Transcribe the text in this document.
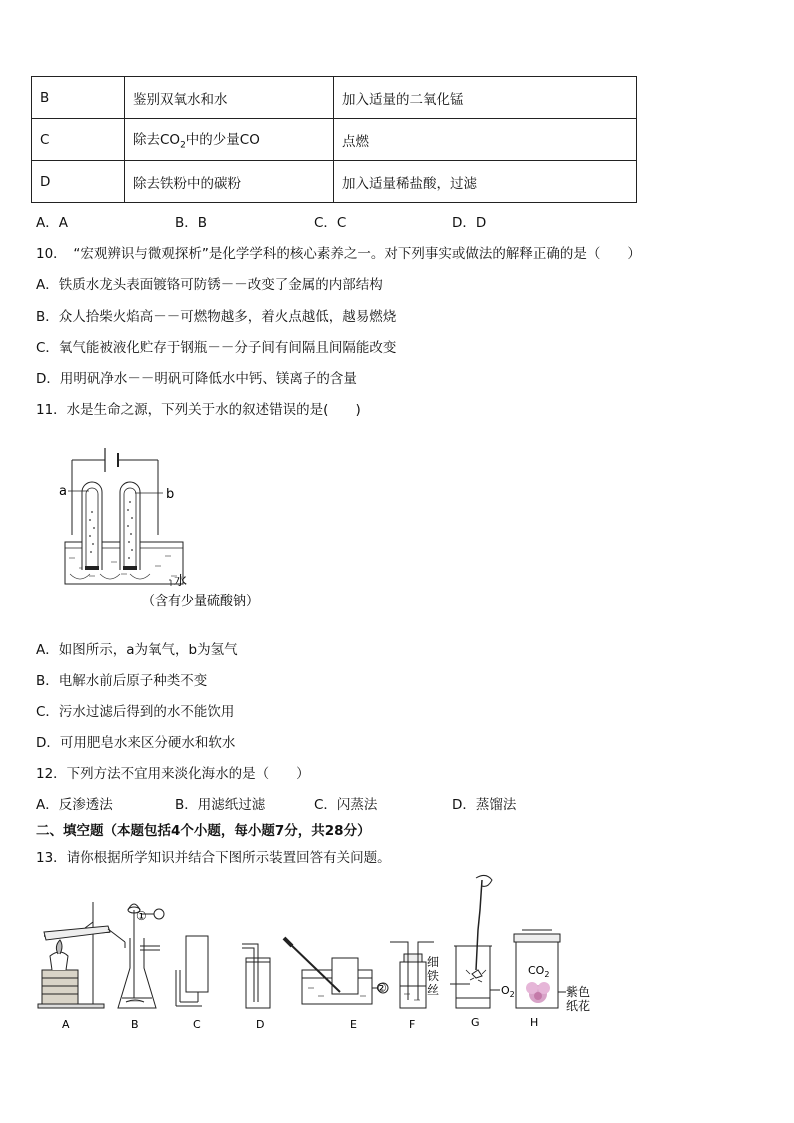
B	鉴别双氧水和水	加入适量的二氧化锰
C	除去$CO_2$中的少量CO	点燃
D	除去铁粉中的碳粉	加入适量稀盐酸，过滤
A．A	B．B	C．C	D．D
10．　“宏观辨识与微观探析”是化学学科的核心素养之一。对下列事实或做法的解释正确的是（　　）
A．铁质水龙头表面镀铬可防锈－－改变了金属的内部结构
B．众人拾柴火焰高－－可燃物越多，着火点越低，越易燃烧
C．氧气能被液化贮存于钢瓶－－分子间有间隔且间隔能改变
D．用明矾净水－－明矾可降低水中钙、镁离子的含量
11．水是生命之源，下列关于水的叙述错误的是(　　)
a	b
水
（含有少量硫酸钠）
A．如图所示，a为氧气，b为氢气
B．电解水前后原子种类不变
C．污水过滤后得到的水不能饮用
D．可用肥皂水来区分硬水和软水
12．下列方法不宜用来淡化海水的是（　　）
A．反渗透法	B．用滤纸过滤	C．闪蒸法	D．蒸馏法
二、填空题（本题包括4个小题，每小题7分，共28分）
13．请你根据所学知识并结合下图所示装置回答有关问题。
①
②
细
铁
丝	$O_2$
$CO_2$
紫色
纸花
A	B	C	D	E	F	G	H
